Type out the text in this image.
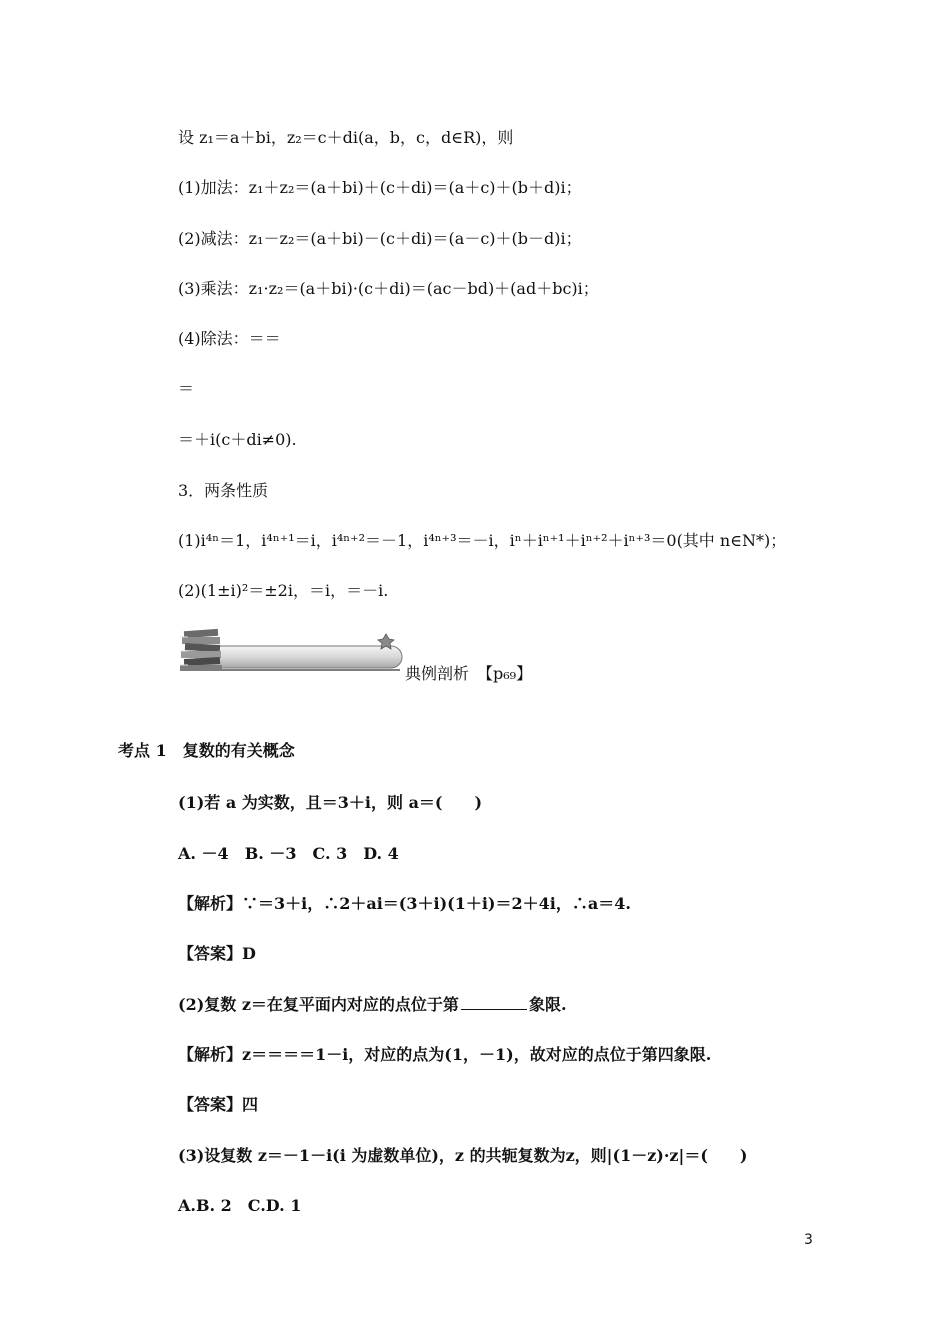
设 z₁＝a＋bi，z₂＝c＋di(a，b，c，d∈R)，则
(1)加法：z₁＋z₂＝(a＋bi)＋(c＋di)＝(a＋c)＋(b＋d)i；
(2)减法：z₁－z₂＝(a＋bi)－(c＋di)＝(a－c)＋(b－d)i；
(3)乘法：z₁·z₂＝(a＋bi)·(c＋di)＝(ac－bd)＋(ad＋bc)i；
(4)除法：＝＝
＝
＝＋i(c＋di≠0).
3．两条性质
(1)i⁴ⁿ＝1，i⁴ⁿ⁺¹＝i，i⁴ⁿ⁺²＝－1，i⁴ⁿ⁺³＝－i，iⁿ＋iⁿ⁺¹＋iⁿ⁺²＋iⁿ⁺³＝0(其中 n∈N*)；
(2)(1±i)²＝±2i，＝i，＝－i.
典例剖析　【p₆₉】
考点 1　复数的有关概念
(1)若 a 为实数，且＝3＋i，则 a＝(　　)
A. －4　B. －3　C. 3　D. 4
【解析】∵＝3＋i，∴2＋ai＝(3＋i)(1＋i)＝2＋4i，∴a＝4.
【答案】D
(2)复数 z＝在复平面内对应的点位于第	象限.
【解析】z＝＝＝＝1－i，对应的点为(1，－1)，故对应的点位于第四象限.
【答案】四
(3)设复数 z＝－1－i(i 为虚数单位)，z 的共轭复数为z，则|(1－z)·z|＝(　　)
A.B. 2　C.D. 1
3
